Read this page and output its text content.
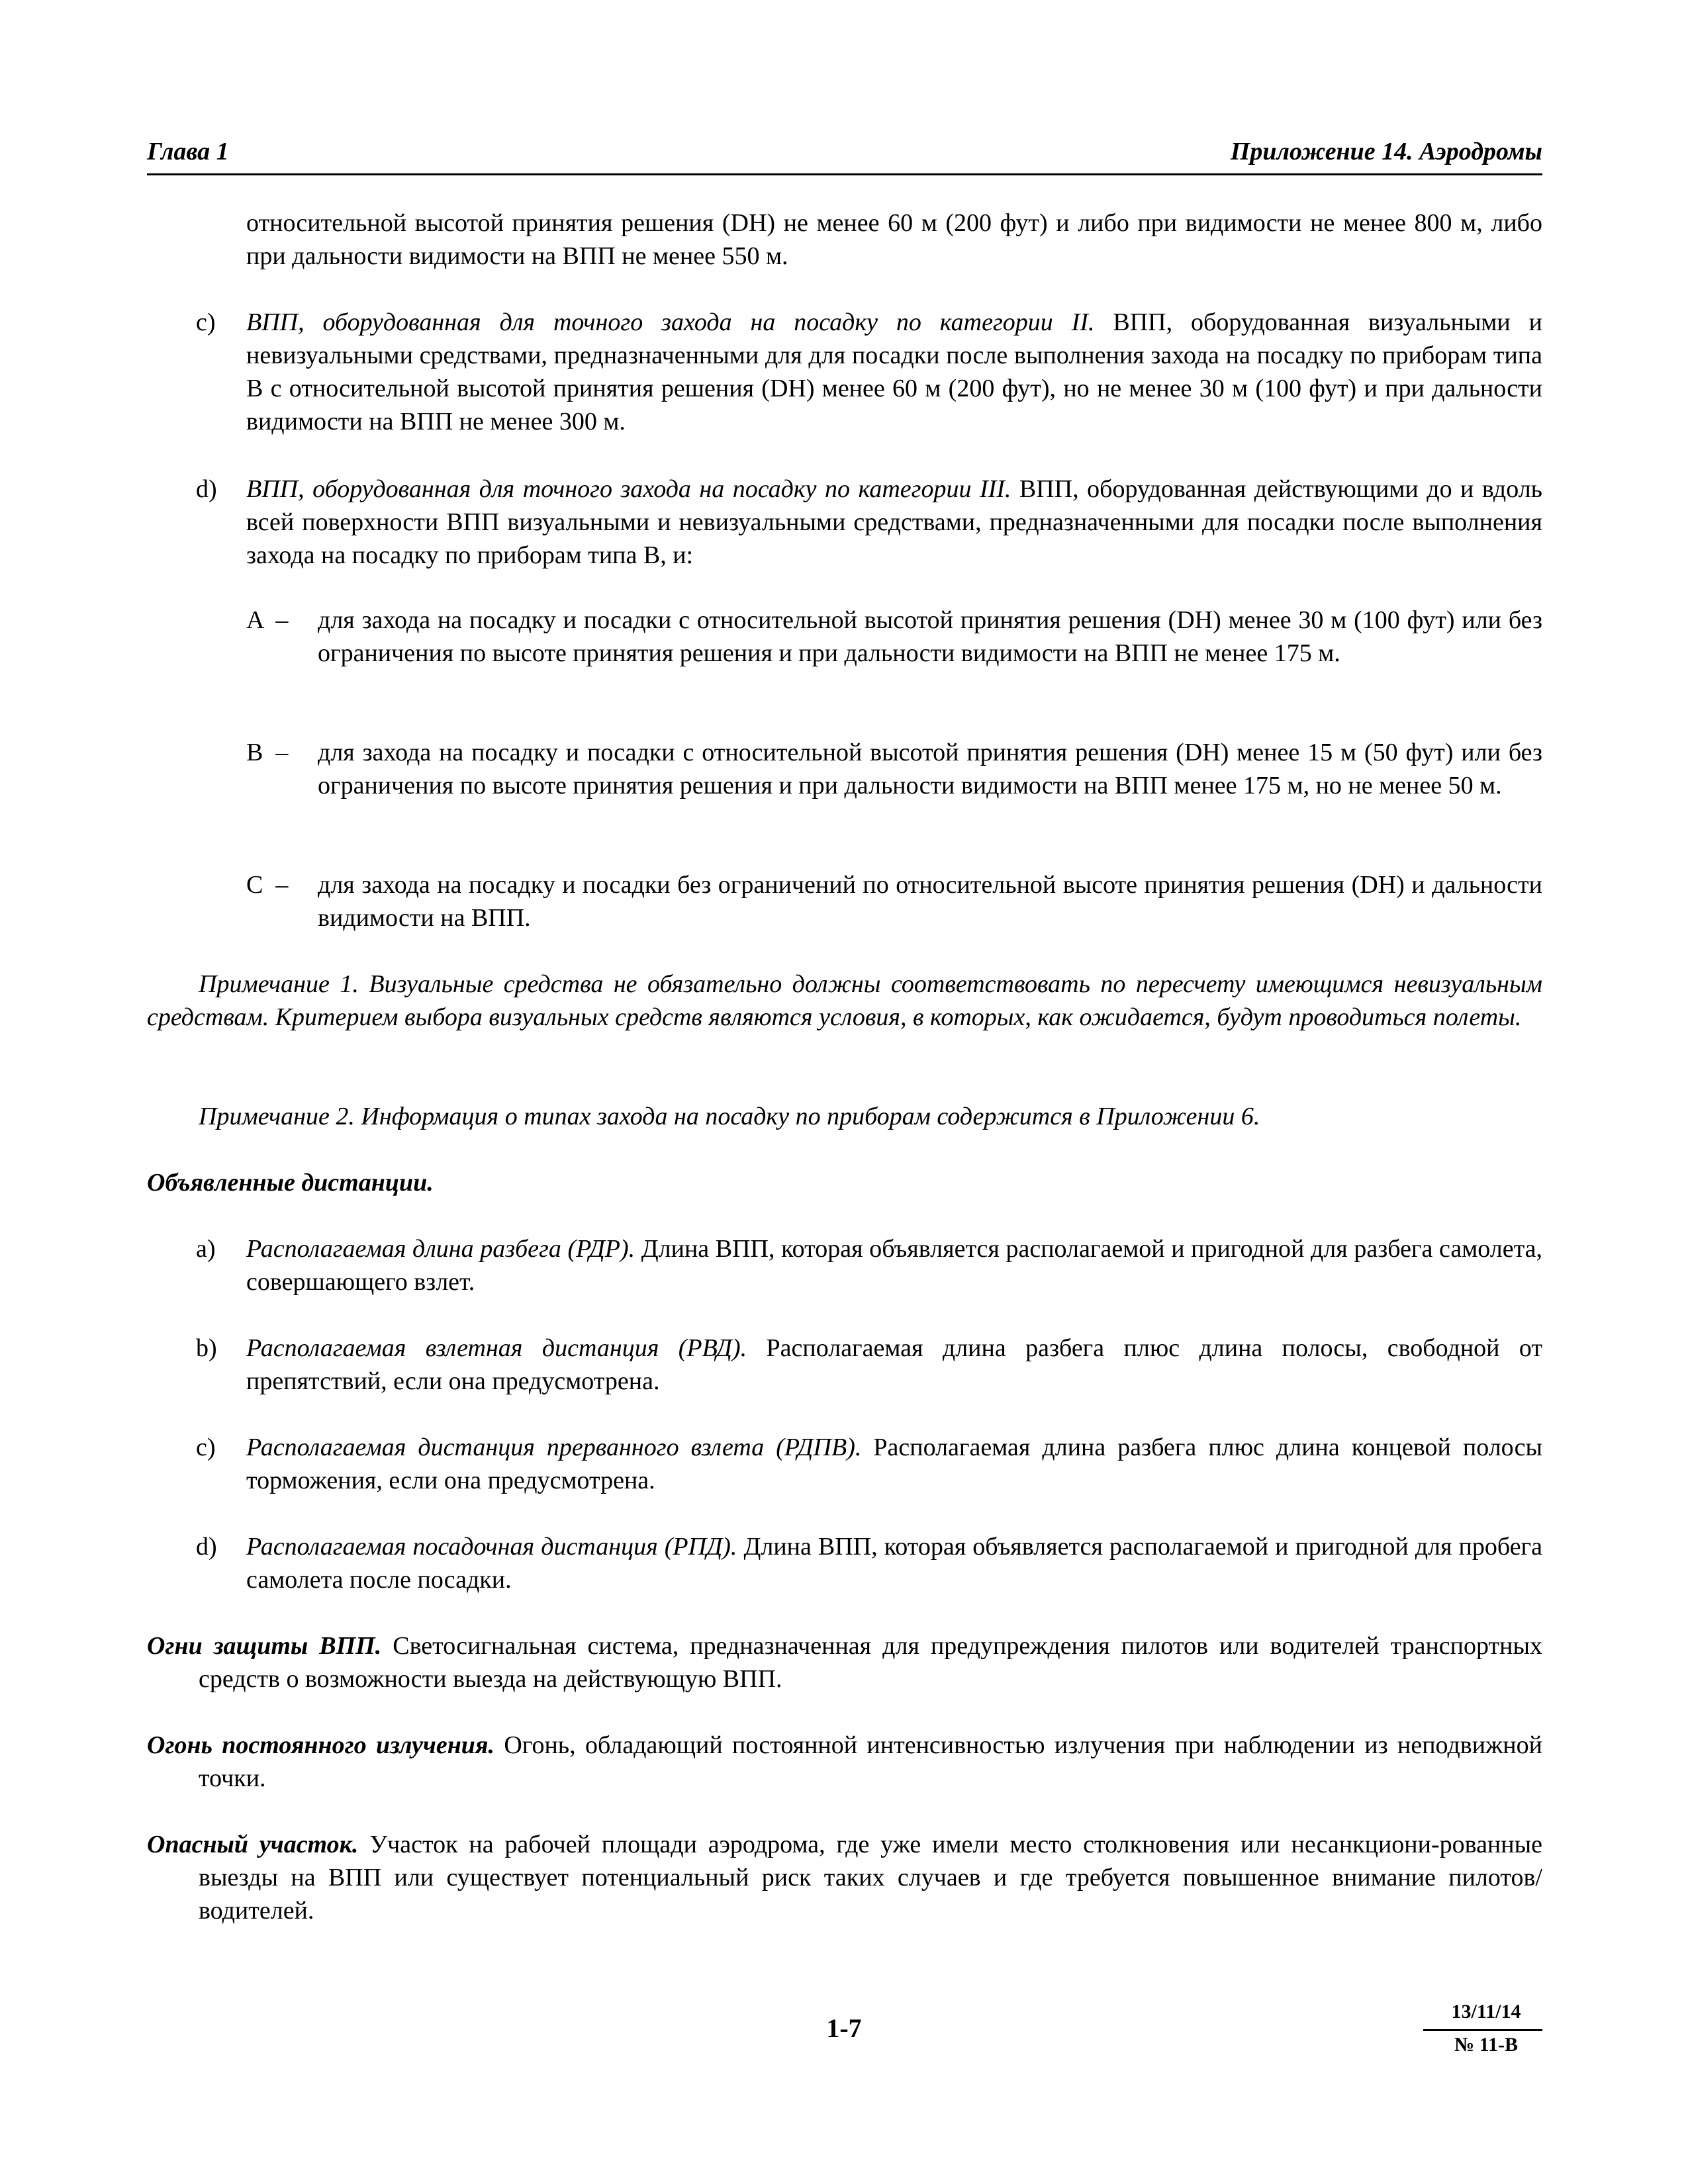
Глава 1	Приложение 14. Аэродромы

относительной высотой принятия решения (DH) не менее 60 м (200 фут) и либо при видимости не менее 800 м, либо при дальности видимости на ВПП не менее 550 м.

c) ВПП, оборудованная для точного захода на посадку по категории II. ВПП, оборудованная визуальными и невизуальными средствами, предназначенными для для посадки после выполнения захода на посадку по приборам типа В с относительной высотой принятия решения (DH) менее 60 м (200 фут), но не менее 30 м (100 фут) и при дальности видимости на ВПП не менее 300 м.

d) ВПП, оборудованная для точного захода на посадку по категории III. ВПП, оборудованная действующими до и вдоль всей поверхности ВПП визуальными и невизуальными средствами, предназначенными для посадки после выполнения захода на посадку по приборам типа В, и:

A  – для захода на посадку и посадки с относительной высотой принятия решения (DH) менее 30 м (100 фут) или без ограничения по высоте принятия решения и при дальности видимости на ВПП не менее 175 м.

B  – для захода на посадку и посадки с относительной высотой принятия решения (DH) менее 15 м (50 фут) или без ограничения по высоте принятия решения и при дальности видимости на ВПП менее 175 м, но не менее 50 м.

C  – для захода на посадку и посадки без ограничений по относительной высоте принятия решения (DH) и дальности видимости на ВПП.

Примечание 1. Визуальные средства не обязательно должны соответствовать по пересчету имеющимся невизуальным средствам. Критерием выбора визуальных средств являются условия, в которых, как ожидается, будут проводиться полеты.

Примечание 2. Информация о типах захода на посадку по приборам содержится в Приложении 6.

Объявленные дистанции.

a) Располагаемая длина разбега (РДР). Длина ВПП, которая объявляется располагаемой и пригодной для разбега самолета, совершающего взлет.

b) Располагаемая взлетная дистанция (РВД). Располагаемая длина разбега плюс длина полосы, свободной от препятствий, если она предусмотрена.

c) Располагаемая дистанция прерванного взлета (РДПВ). Располагаемая длина разбега плюс длина концевой полосы торможения, если она предусмотрена.

d) Располагаемая посадочная дистанция (РПД). Длина ВПП, которая объявляется располагаемой и пригодной для пробега самолета после посадки.

Огни защиты ВПП. Светосигнальная система, предназначенная для предупреждения пилотов или водителей транспортных средств о возможности выезда на действующую ВПП.

Огонь постоянного излучения. Огонь, обладающий постоянной интенсивностью излучения при наблюдении из неподвижной точки.

Опасный участок. Участок на рабочей площади аэродрома, где уже имели место столкновения или несанкциони-рованные выезды на ВПП или существует потенциальный риск таких случаев и где требуется повышенное внимание пилотов/водителей.

1-7
13/11/14
№ 11-В
